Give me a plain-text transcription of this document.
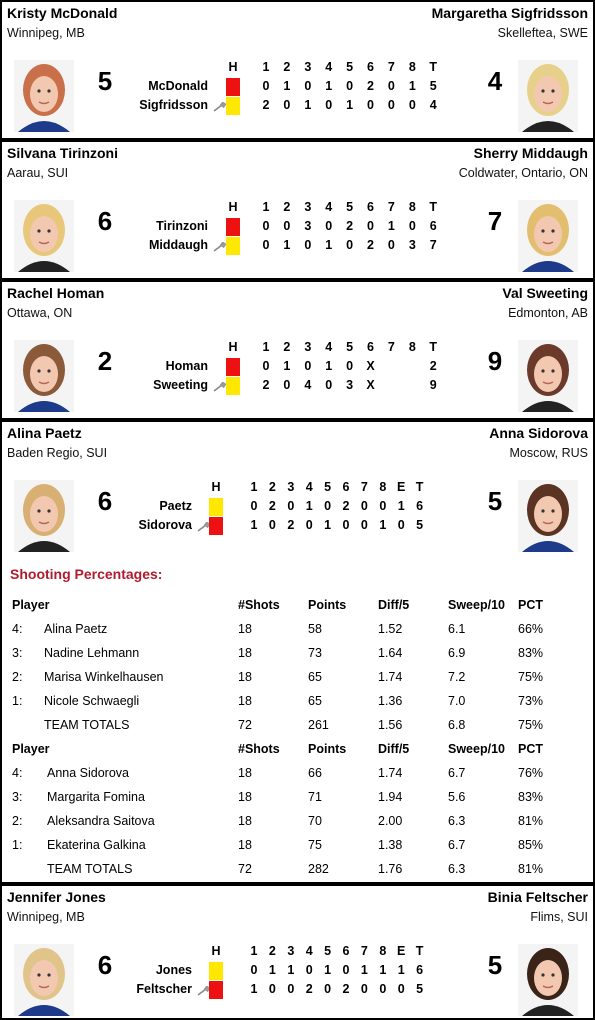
Kristy McDonald
Winnipeg, MB
Margaretha Sigfridsson
Skelleftea, SWE
5	4
H	1	2	3	4	5	6	7	8	T
McDonald	0	1	0	1	0	2	0	1	5
Sigfridsson	2	0	1	0	1	0	0	0	4
Silvana Tirinzoni
Aarau, SUI
Sherry Middaugh
Coldwater, Ontario, ON
6	7
H	1	2	3	4	5	6	7	8	T
Tirinzoni	0	0	3	0	2	0	1	0	6
Middaugh	0	1	0	1	0	2	0	3	7
Rachel Homan
Ottawa, ON
Val Sweeting
Edmonton, AB
2	9
H	1	2	3	4	5	6	7	8	T
Homan	0	1	0	1	0	X	2
Sweeting	2	0	4	0	3	X	9
Alina Paetz
Baden Regio, SUI
Anna Sidorova
Moscow, RUS
6	5
H	1 2 3 4 5 6 7 8 E T
Paetz	0 2 0 1 0 2 0 0 1 6
Sidorova	1 0 2 0 1 0 0 1 0 5
Shooting Percentages:
Player	#Shots Points	Diff/5	Sweep/10 PCT
4: Alina Paetz	18	58	1.52	6.1	66%
3: Nadine Lehmann	18	73	1.64	6.9	83%
2: Marisa Winkelhausen	18	65	1.74	7.2	75%
1: Nicole Schwaegli	18	65	1.36	7.0	73%
TEAM TOTALS	72	261	1.56	6.8	75%
Player	#Shots Points	Diff/5	Sweep/10 PCT
4: Anna Sidorova	18	66	1.74	6.7	76%
3: Margarita Fomina	18	71	1.94	5.6	83%
2: Aleksandra Saitova	18	70	2.00	6.3	81%
1: Ekaterina Galkina	18	75	1.38	6.7	85%
TEAM TOTALS	72	282	1.76	6.3	81%
Jennifer Jones
Winnipeg, MB
Binia Feltscher
Flims, SUI
6	5
H	1 2 3 4 5 6 7 8 E T
Jones	0 1 1 0 1 0 1 1 1 6
Feltscher	1 0 0 2 0 2 0 0 0 5
